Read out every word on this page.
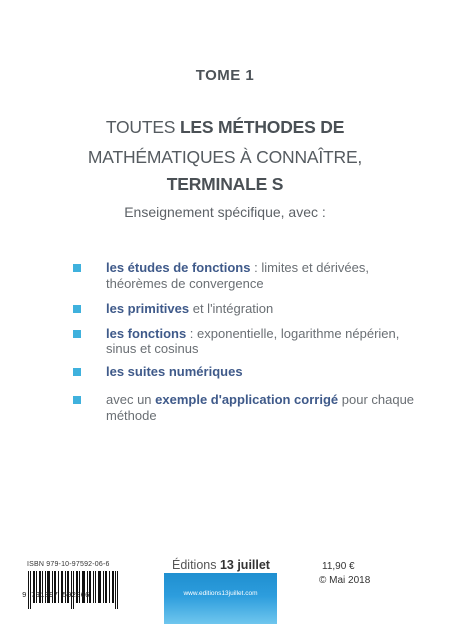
TOME 1
TOUTES LES MÉTHODES DE
MATHÉMATIQUES À CONNAÎTRE,
TERMINALE S
Enseignement spécifique, avec :
les études de fonctions : limites et dérivées, théorèmes de convergence
les primitives et l'intégration
les fonctions : exponentielle, logarithme népérien, sinus et cosinus
les suites numériques
avec un exemple d'application corrigé pour chaque méthode
ISBN 979-10-97592-06-6
9 791097 592066
Éditions 13 juillet
www.editions13juillet.com
11,90 €
© Mai 2018
